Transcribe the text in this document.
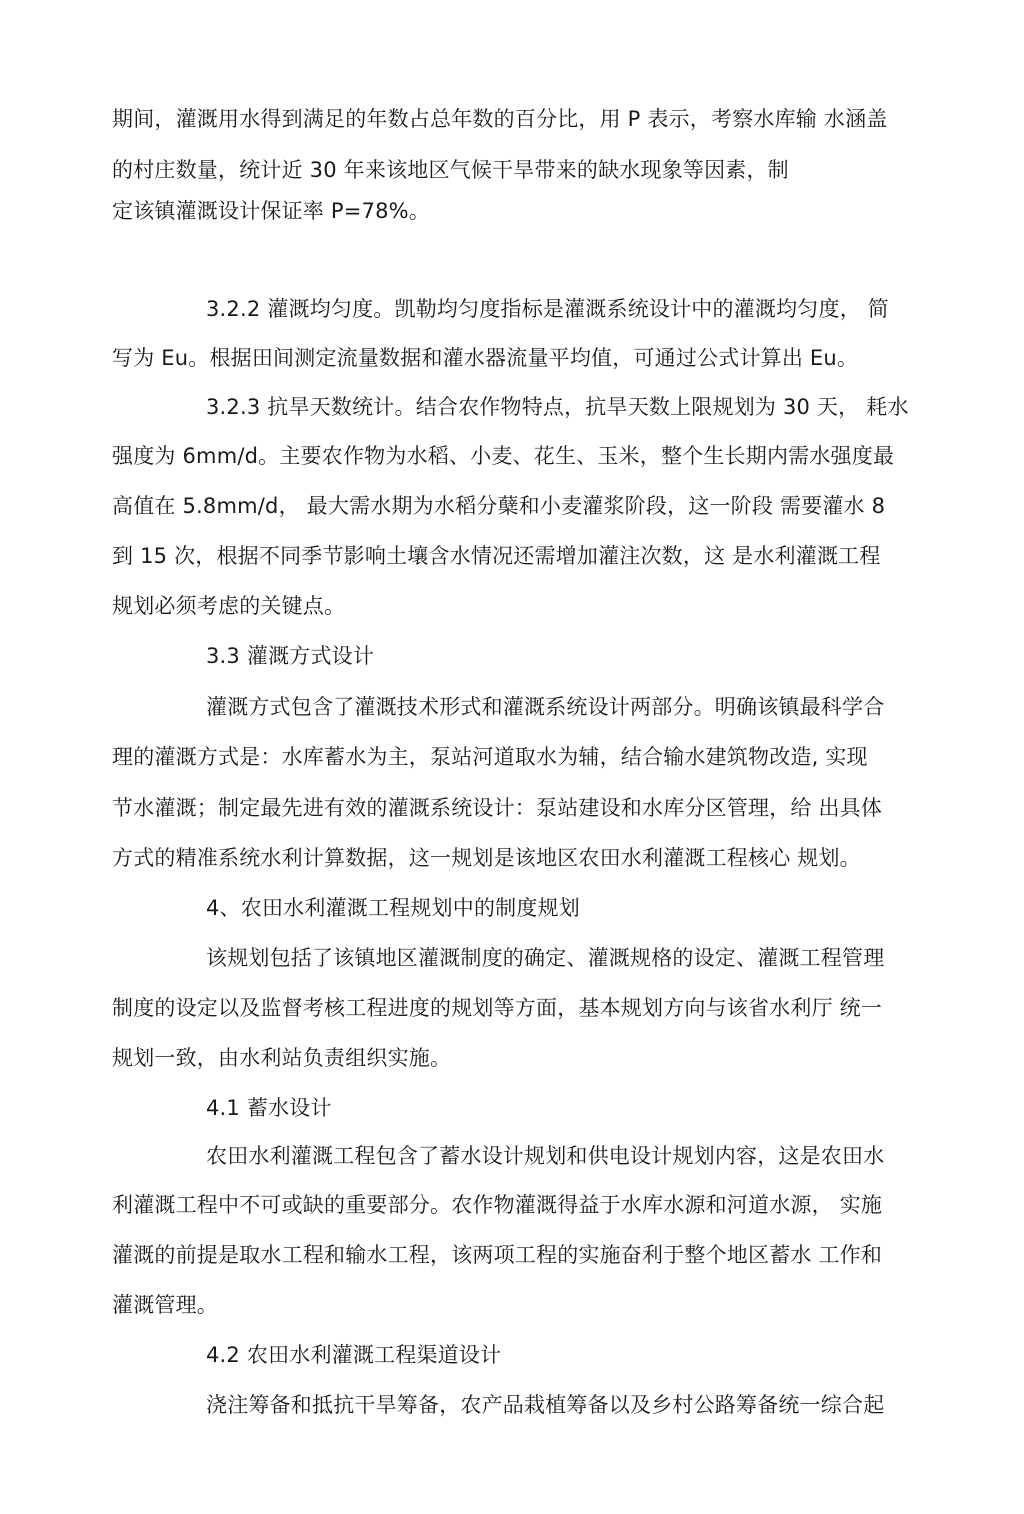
期间，灌溉用水得到满足的年数占总年数的百分比，用 P 表示，考察水库输 水涵盖
的村庄数量，统计近 30 年来该地区气候干旱带来的缺水现象等因素，制
定该镇灌溉设计保证率 P=78%。
3.2.2 灌溉均匀度。凯勒均匀度指标是灌溉系统设计中的灌溉均匀度， 简
写为 Eu。根据田间测定流量数据和灌水器流量平均值，可通过公式计算出 Eu。
3.2.3 抗旱天数统计。结合农作物特点，抗旱天数上限规划为 30 天， 耗水
强度为 6mm/d。主要农作物为水稻、小麦、花生、玉米，整个生长期内需水强度最
高值在 5.8mm/d， 最大需水期为水稻分蘖和小麦灌浆阶段，这一阶段 需要灌水 8
到 15 次，根据不同季节影响土壤含水情况还需增加灌注次数，这 是水利灌溉工程
规划必须考虑的关键点。
3.3 灌溉方式设计
灌溉方式包含了灌溉技术形式和灌溉系统设计两部分。明确该镇最科学合
理的灌溉方式是：水库蓄水为主，泵站河道取水为辅，结合输水建筑物改造, 实现
节水灌溉；制定最先进有效的灌溉系统设计：泵站建设和水库分区管理，给 出具体
方式的精准系统水利计算数据，这一规划是该地区农田水利灌溉工程核心 规划。
4、农田水利灌溉工程规划中的制度规划
该规划包括了该镇地区灌溉制度的确定、灌溉规格的设定、灌溉工程管理
制度的设定以及监督考核工程进度的规划等方面，基本规划方向与该省水利厅 统一
规划一致，由水利站负责组织实施。
4.1 蓄水设计
农田水利灌溉工程包含了蓄水设计规划和供电设计规划内容，这是农田水
利灌溉工程中不可或缺的重要部分。农作物灌溉得益于水库水源和河道水源， 实施
灌溉的前提是取水工程和输水工程，该两项工程的实施奋利于整个地区蓄水 工作和
灌溉管理。
4.2 农田水利灌溉工程渠道设计
浇注筹备和抵抗干旱筹备，农产品栽植筹备以及乡村公路筹备统一综合起
